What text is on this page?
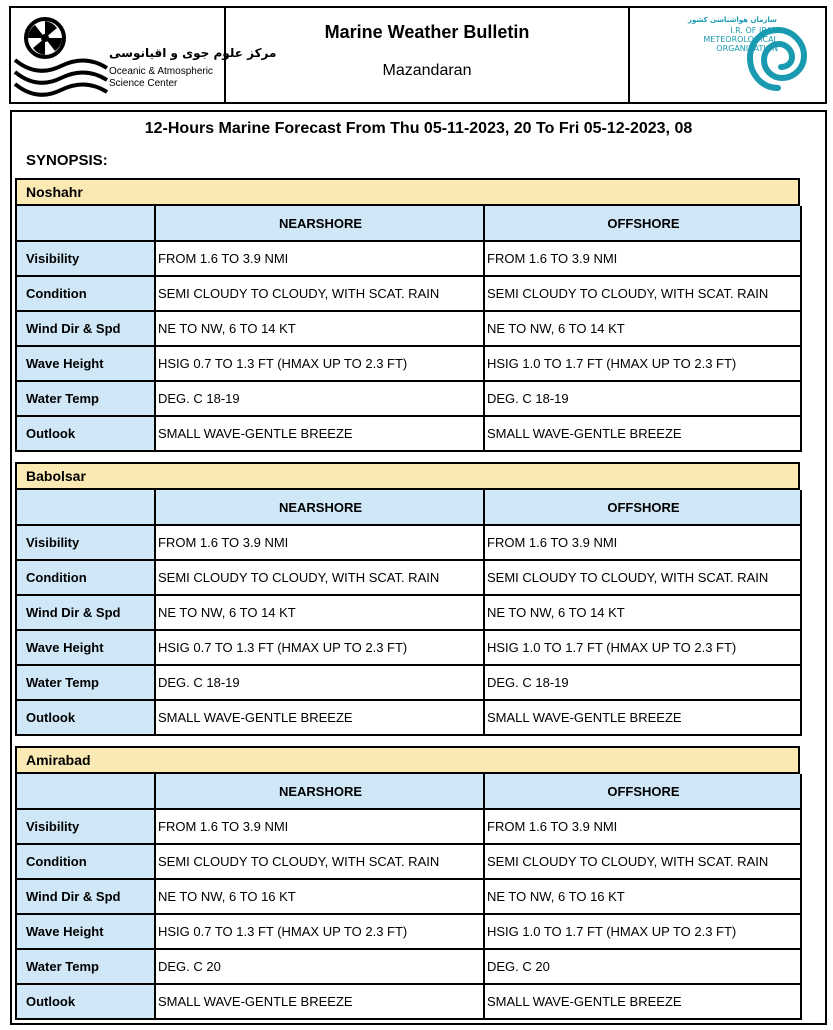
مرکز علوم جوی و اقیانوسی
Oceanic & Atmospheric
Science Center
Marine Weather Bulletin
Mazandaran
سازمان هواشناسی کشور
I.R. OF IRAN METEOROLOGICAL ORGANIZATION
12-Hours Marine Forecast From Thu 05-11-2023, 20 To Fri 05-12-2023, 08
SYNOPSIS:
Noshahr
	NEARSHORE	OFFSHORE
Visibility	FROM 1.6 TO 3.9 NMI	FROM 1.6 TO 3.9 NMI
Condition	SEMI CLOUDY TO CLOUDY, WITH SCAT. RAIN	SEMI CLOUDY TO CLOUDY, WITH SCAT. RAIN
Wind Dir & Spd	NE TO NW, 6 TO 14 KT	NE TO NW, 6 TO 14 KT
Wave Height	HSIG 0.7 TO 1.3 FT (HMAX UP TO 2.3 FT)	HSIG 1.0 TO 1.7 FT (HMAX UP TO 2.3 FT)
Water Temp	DEG. C 18-19	DEG. C 18-19
Outlook	SMALL WAVE-GENTLE BREEZE	SMALL WAVE-GENTLE BREEZE
Babolsar
	NEARSHORE	OFFSHORE
Visibility	FROM 1.6 TO 3.9 NMI	FROM 1.6 TO 3.9 NMI
Condition	SEMI CLOUDY TO CLOUDY, WITH SCAT. RAIN	SEMI CLOUDY TO CLOUDY, WITH SCAT. RAIN
Wind Dir & Spd	NE TO NW, 6 TO 14 KT	NE TO NW, 6 TO 14 KT
Wave Height	HSIG 0.7 TO 1.3 FT (HMAX UP TO 2.3 FT)	HSIG 1.0 TO 1.7 FT (HMAX UP TO 2.3 FT)
Water Temp	DEG. C 18-19	DEG. C 18-19
Outlook	SMALL WAVE-GENTLE BREEZE	SMALL WAVE-GENTLE BREEZE
Amirabad
	NEARSHORE	OFFSHORE
Visibility	FROM 1.6 TO 3.9 NMI	FROM 1.6 TO 3.9 NMI
Condition	SEMI CLOUDY TO CLOUDY, WITH SCAT. RAIN	SEMI CLOUDY TO CLOUDY, WITH SCAT. RAIN
Wind Dir & Spd	NE TO NW, 6 TO 16 KT	NE TO NW, 6 TO 16 KT
Wave Height	HSIG 0.7 TO 1.3 FT (HMAX UP TO 2.3 FT)	HSIG 1.0 TO 1.7 FT (HMAX UP TO 2.3 FT)
Water Temp	DEG. C 20	DEG. C 20
Outlook	SMALL WAVE-GENTLE BREEZE	SMALL WAVE-GENTLE BREEZE
